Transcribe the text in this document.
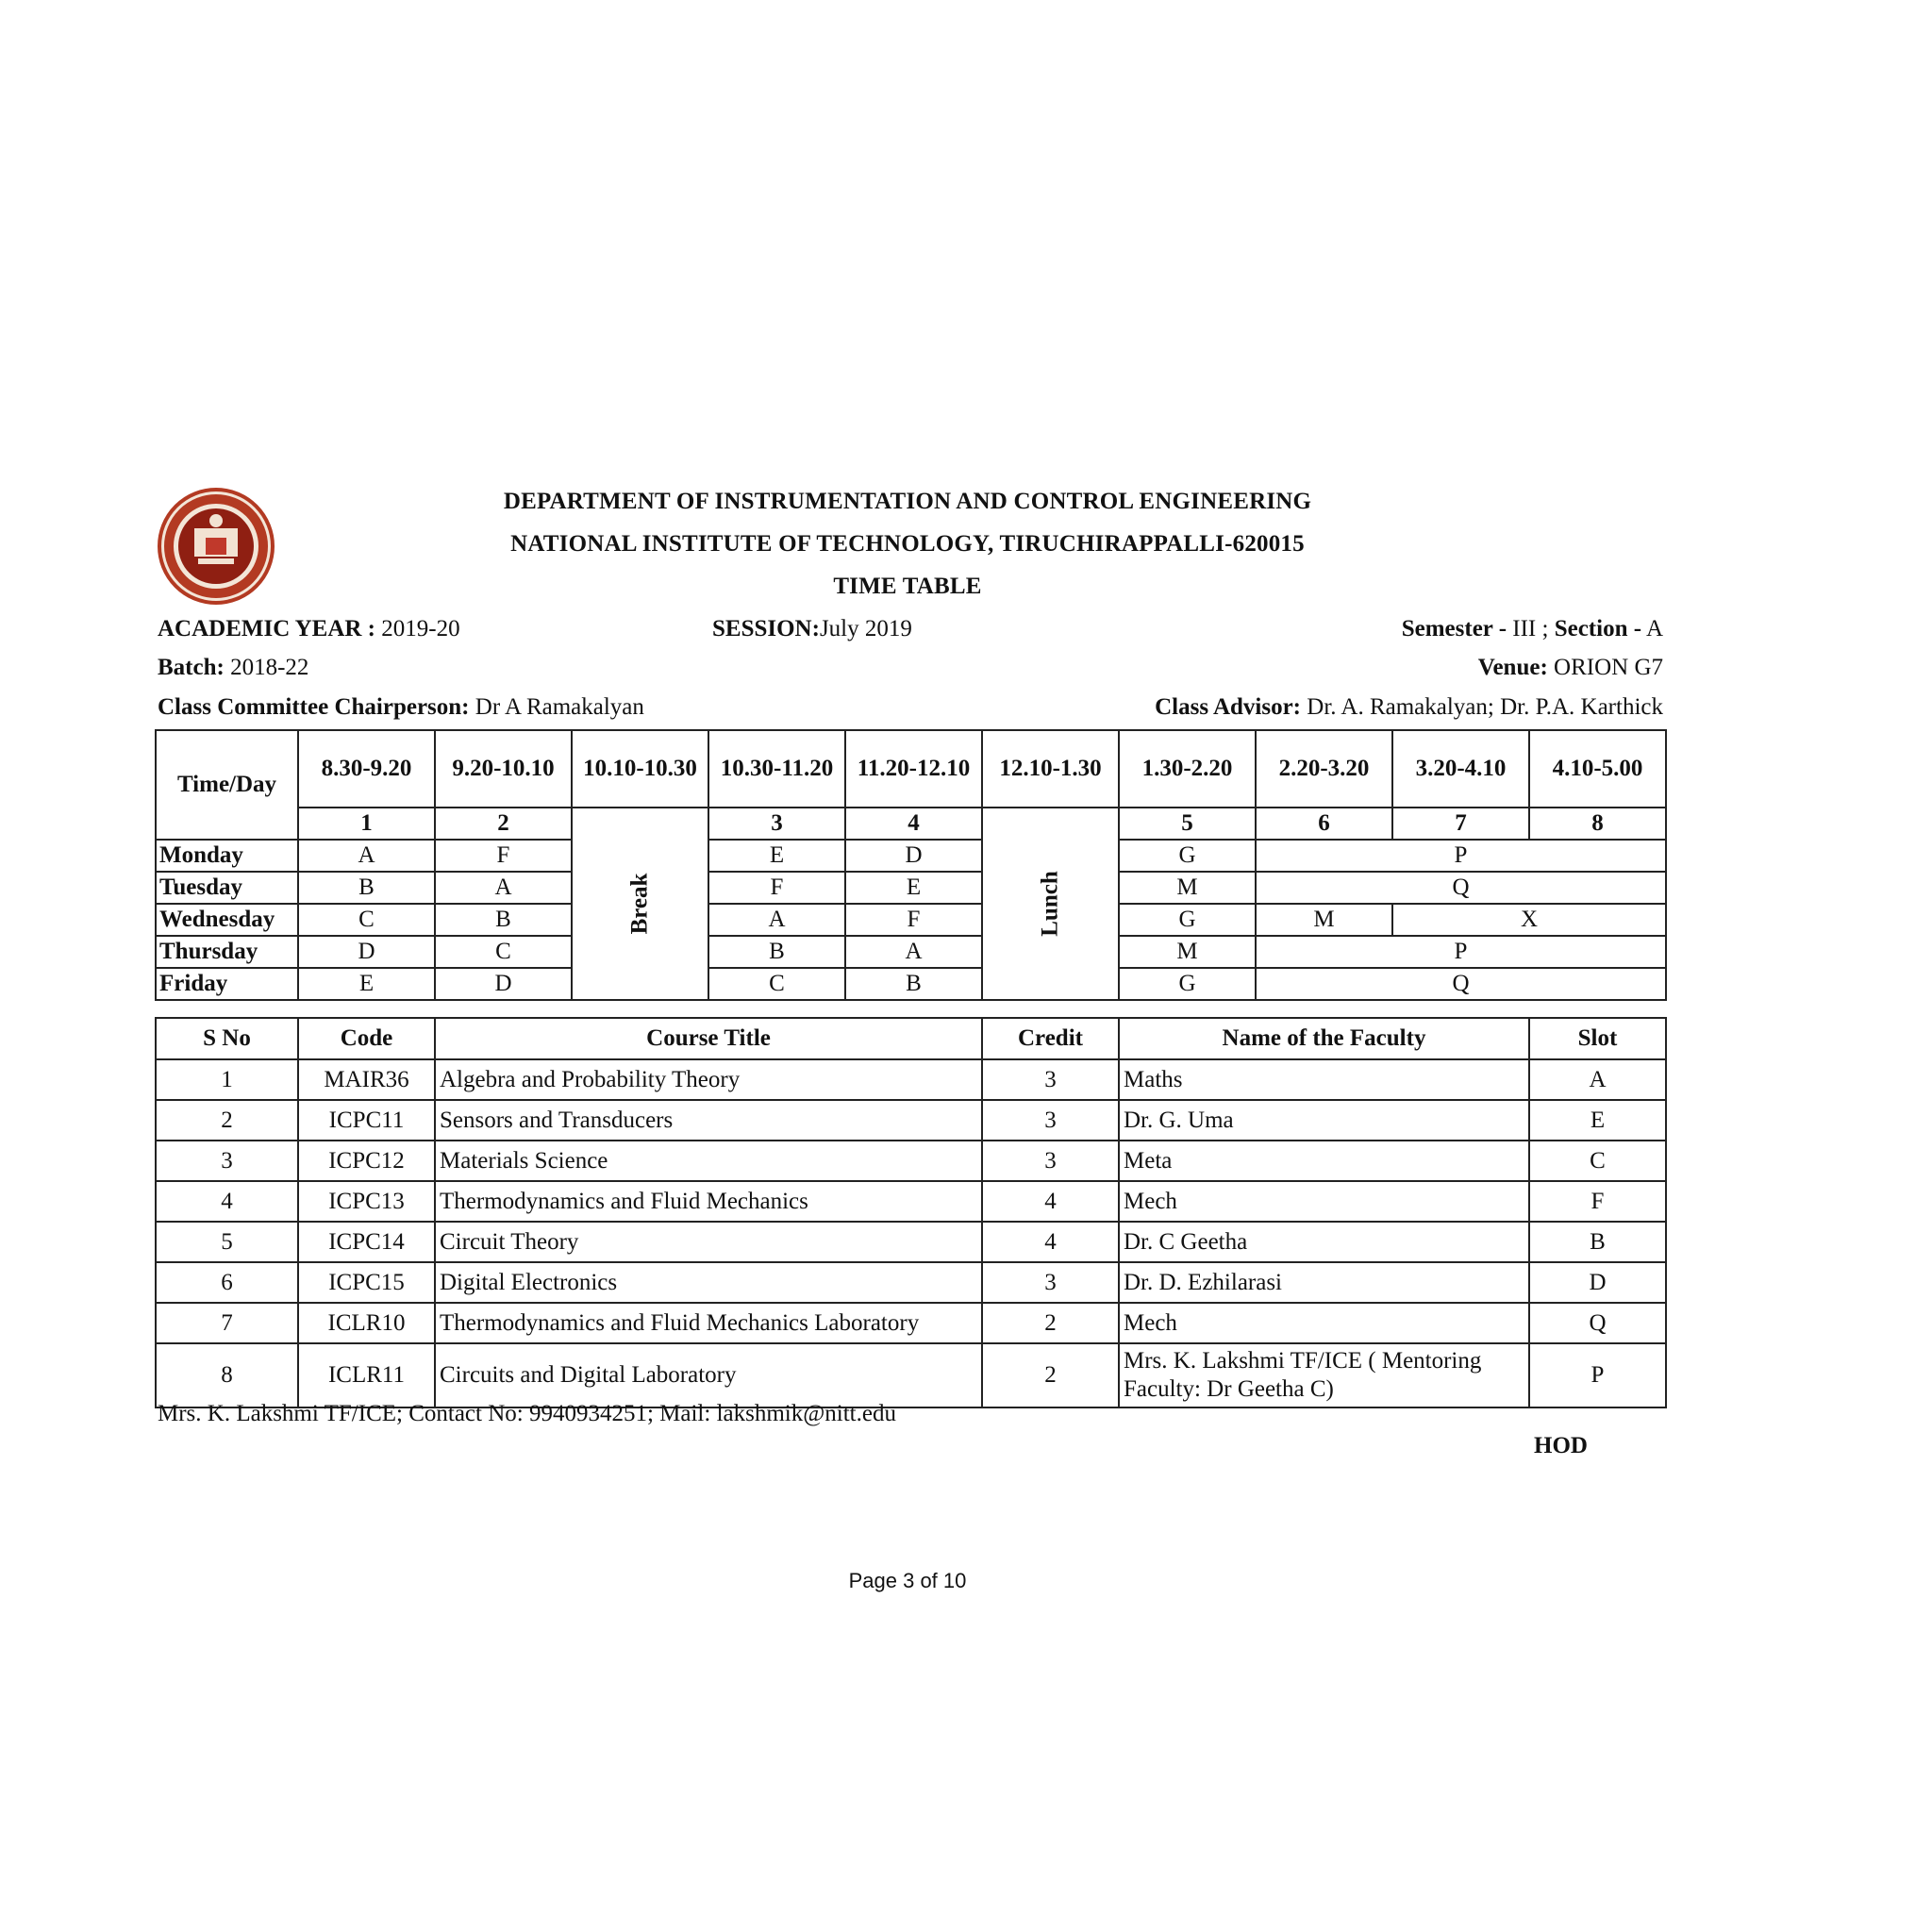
DEPARTMENT OF INSTRUMENTATION AND CONTROL ENGINEERING
NATIONAL INSTITUTE OF TECHNOLOGY, TIRUCHIRAPPALLI-620015
TIME TABLE
ACADEMIC YEAR : 2019-20	SESSION:July 2019	Semester - III ; Section - A
Batch: 2018-22	Venue: ORION G7
Class Committee Chairperson: Dr A Ramakalyan	Class Advisor: Dr. A. Ramakalyan; Dr. P.A. Karthick
Time/Day	8.30-9.20	9.20-10.10	10.10-10.30	10.30-11.20	11.20-12.10	12.10-1.30	1.30-2.20	2.20-3.20	3.20-4.10	4.10-5.00
	1	2	Break	3	4	Lunch	5	6	7	8
Monday	A	F		E	D		G	P		
Tuesday	B	A		F	E		M	Q		
Wednesday	C	B		A	F		G	M	X	
Thursday	D	C		B	A		M	P		
Friday	E	D		C	B		G	Q		
S No	Code	Course Title	Credit	Name of the Faculty	Slot
1	MAIR36	Algebra and Probability Theory	3	Maths	A
2	ICPC11	Sensors and Transducers	3	Dr. G. Uma	E
3	ICPC12	Materials Science	3	Meta	C
4	ICPC13	Thermodynamics and Fluid Mechanics	4	Mech	F
5	ICPC14	Circuit Theory	4	Dr. C Geetha	B
6	ICPC15	Digital Electronics	3	Dr. D. Ezhilarasi	D
7	ICLR10	Thermodynamics and Fluid Mechanics Laboratory	2	Mech	Q
8	ICLR11	Circuits and Digital Laboratory	2	Mrs. K. Lakshmi TF/ICE ( Mentoring
Faculty: Dr Geetha C)	P
Mrs. K. Lakshmi TF/ICE; Contact No: 9940934251; Mail: lakshmik@nitt.edu
HOD
Page 3 of 10
